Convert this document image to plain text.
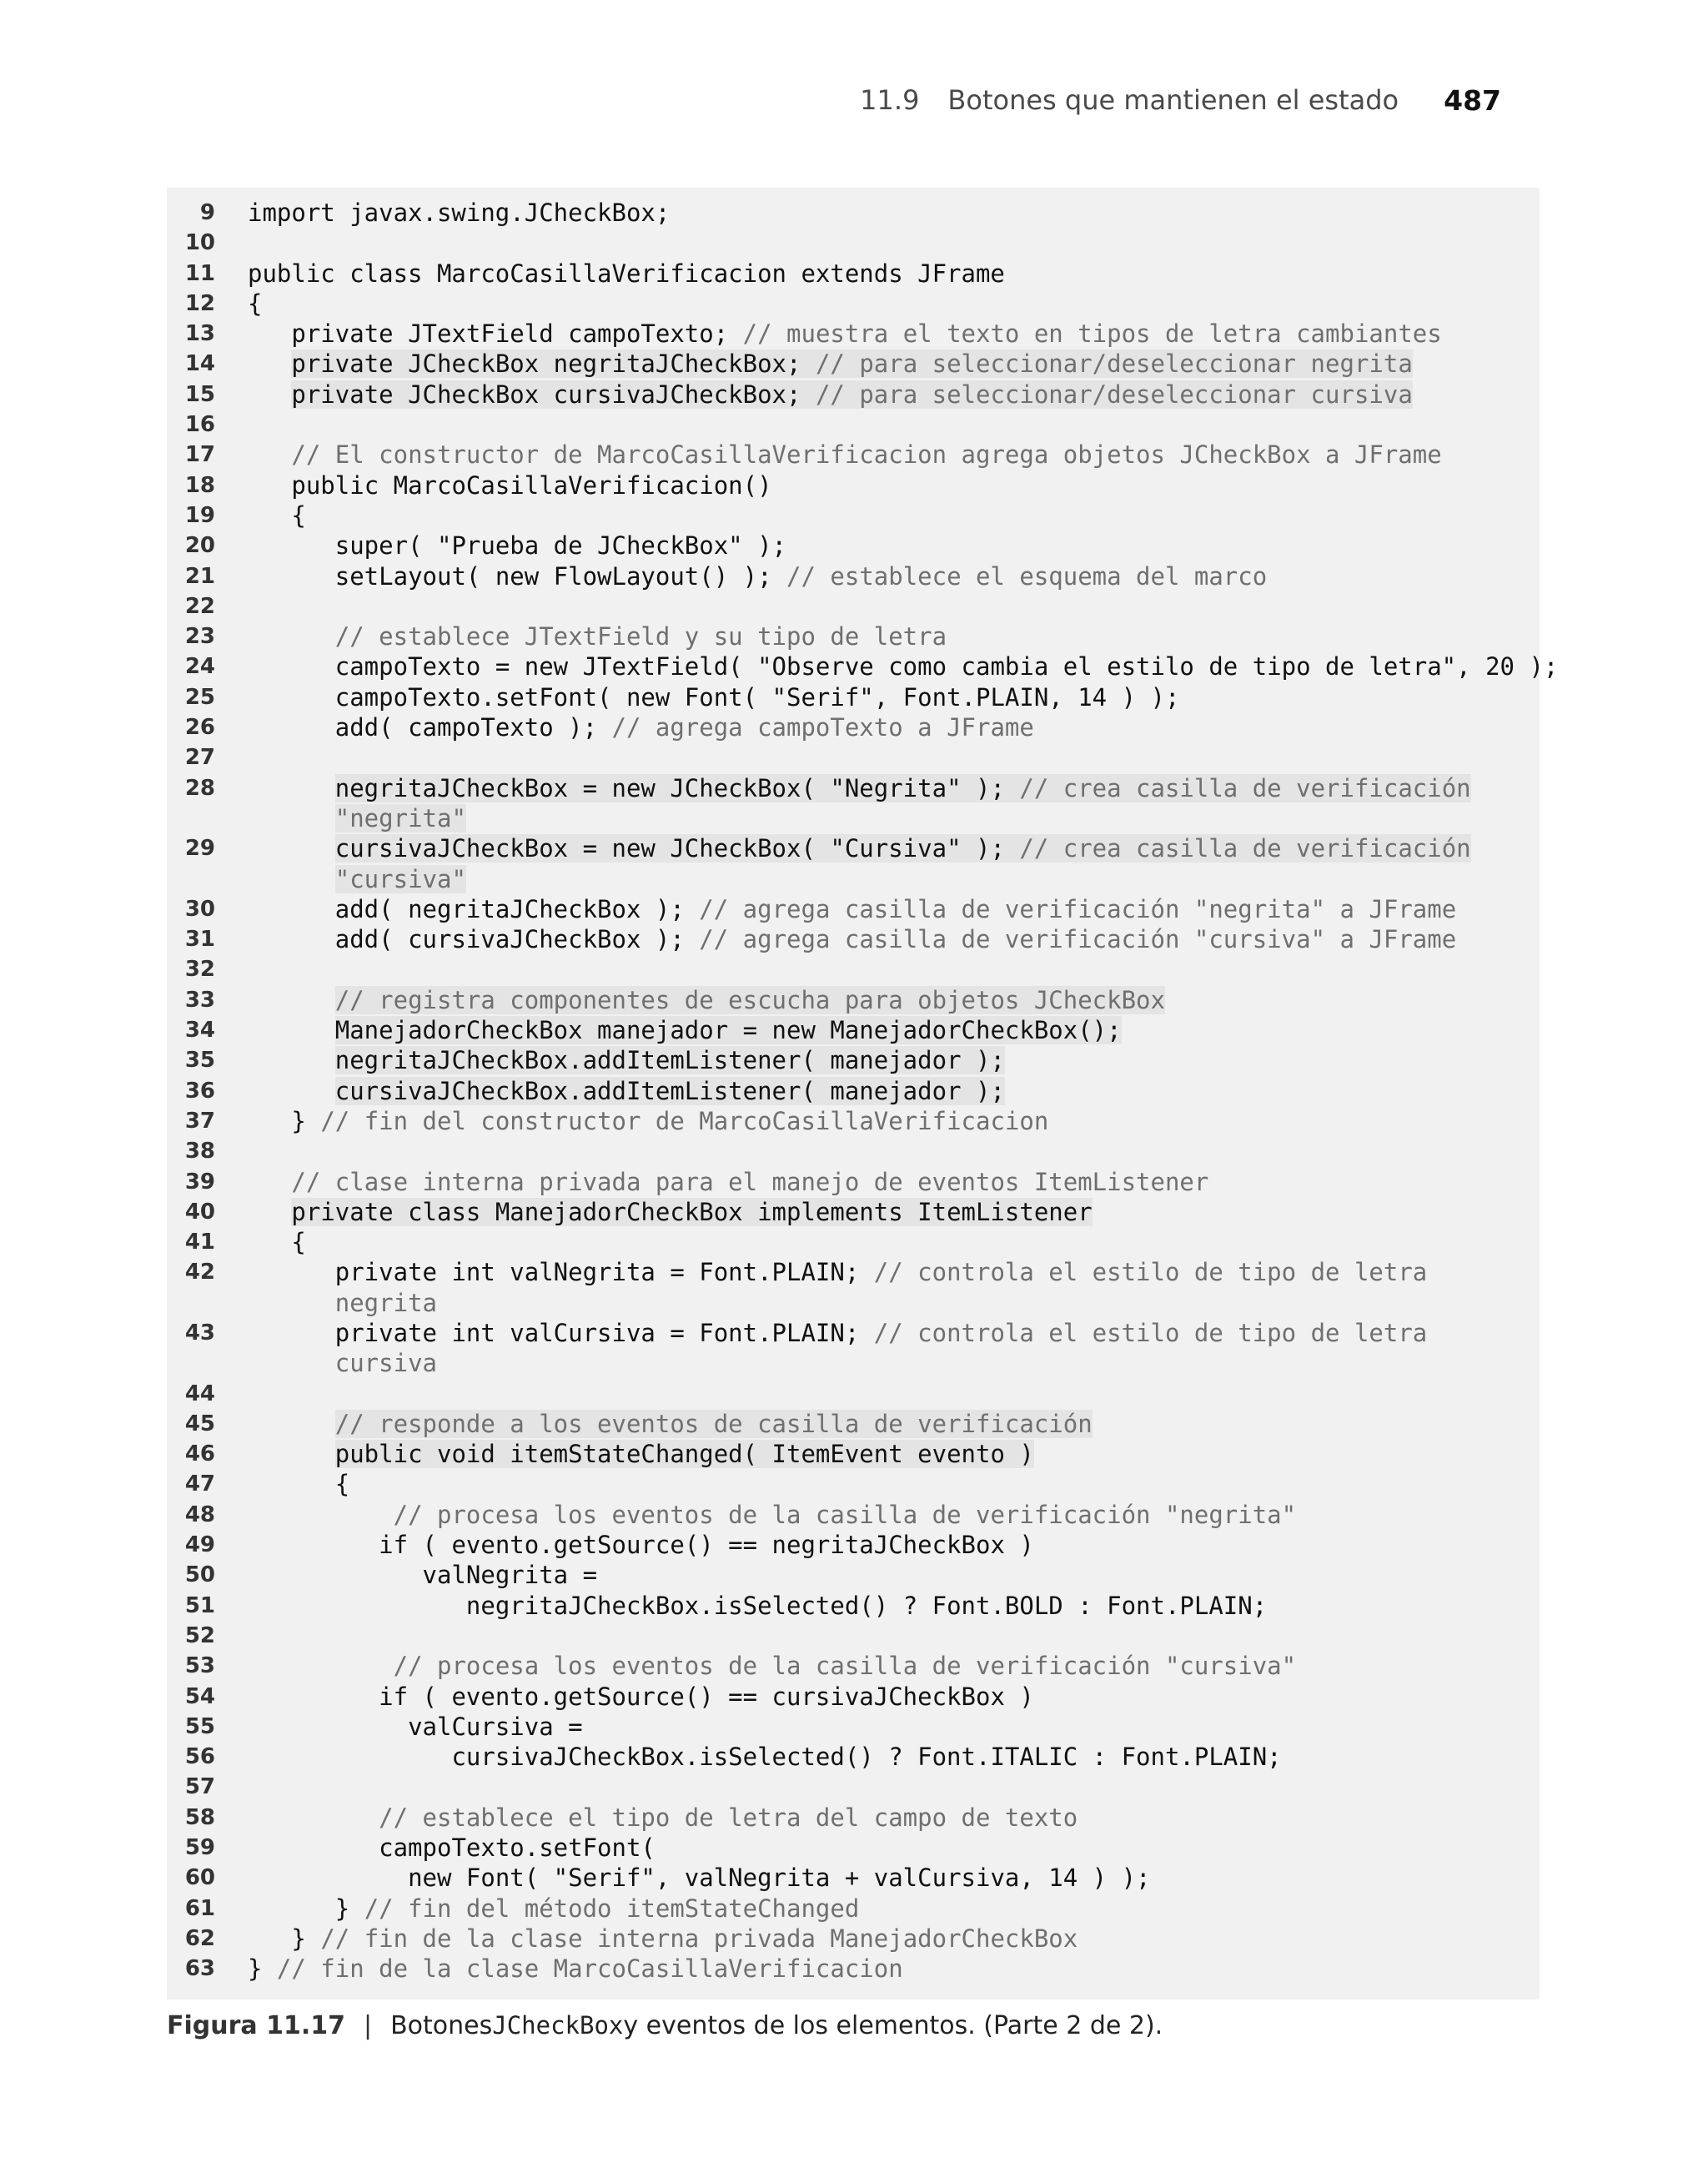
11.9 Botones que mantienen el estado 487
9 import javax.swing.JCheckBox;
10
11 public class MarcoCasillaVerificacion extends JFrame
12 {
13	private JTextField campoTexto; // muestra el texto en tipos de letra cambiantes
14	private JCheckBox negritaJCheckBox; // para seleccionar/deseleccionar negrita
15	private JCheckBox cursivaJCheckBox; // para seleccionar/deseleccionar cursiva
16
17	// El constructor de MarcoCasillaVerificacion agrega objetos JCheckBox a JFrame
18	public MarcoCasillaVerificacion()
19	{
20	super( "Prueba de JCheckBox" );
21	setLayout( new FlowLayout() ); // establece el esquema del marco
22
23	// establece JTextField y su tipo de letra
24	campoTexto = new JTextField( "Observe como cambia el estilo de tipo de letra", 20 );
25	campoTexto.setFont( new Font( "Serif", Font.PLAIN, 14 ) );
26	add( campoTexto ); // agrega campoTexto a JFrame
27
28	negritaJCheckBox = new JCheckBox( "Negrita" ); // crea casilla de verificación
"negrita"
29	cursivaJCheckBox = new JCheckBox( "Cursiva" ); // crea casilla de verificación
"cursiva"
30	add( negritaJCheckBox ); // agrega casilla de verificación "negrita" a JFrame
31	add( cursivaJCheckBox ); // agrega casilla de verificación "cursiva" a JFrame
32
33	// registra componentes de escucha para objetos JCheckBox
34	ManejadorCheckBox manejador = new ManejadorCheckBox();
35	negritaJCheckBox.addItemListener( manejador );
36	cursivaJCheckBox.addItemListener( manejador );
37	} // fin del constructor de MarcoCasillaVerificacion
38
39	// clase interna privada para el manejo de eventos ItemListener
40	private class ManejadorCheckBox implements ItemListener
41	{
42	private int valNegrita = Font.PLAIN; // controla el estilo de tipo de letra
negrita
43	private int valCursiva = Font.PLAIN; // controla el estilo de tipo de letra
cursiva
44
45	// responde a los eventos de casilla de verificación
46	public void itemStateChanged( ItemEvent evento )
47	{
48	// procesa los eventos de la casilla de verificación "negrita"
49	if ( evento.getSource() == negritaJCheckBox )
50	valNegrita =
51	negritaJCheckBox.isSelected() ? Font.BOLD : Font.PLAIN;
52
53	// procesa los eventos de la casilla de verificación "cursiva"
54	if ( evento.getSource() == cursivaJCheckBox )
55	valCursiva =
56	cursivaJCheckBox.isSelected() ? Font.ITALIC : Font.PLAIN;
57
58	// establece el tipo de letra del campo de texto
59	campoTexto.setFont(
60	new Font( "Serif", valNegrita + valCursiva, 14 ) );
61	} // fin del método itemStateChanged
62	} // fin de la clase interna privada ManejadorCheckBox
63 } // fin de la clase MarcoCasillaVerificacion
Figura 11.17 | Botones JCheckBox y eventos de los elementos. (Parte 2 de 2).
